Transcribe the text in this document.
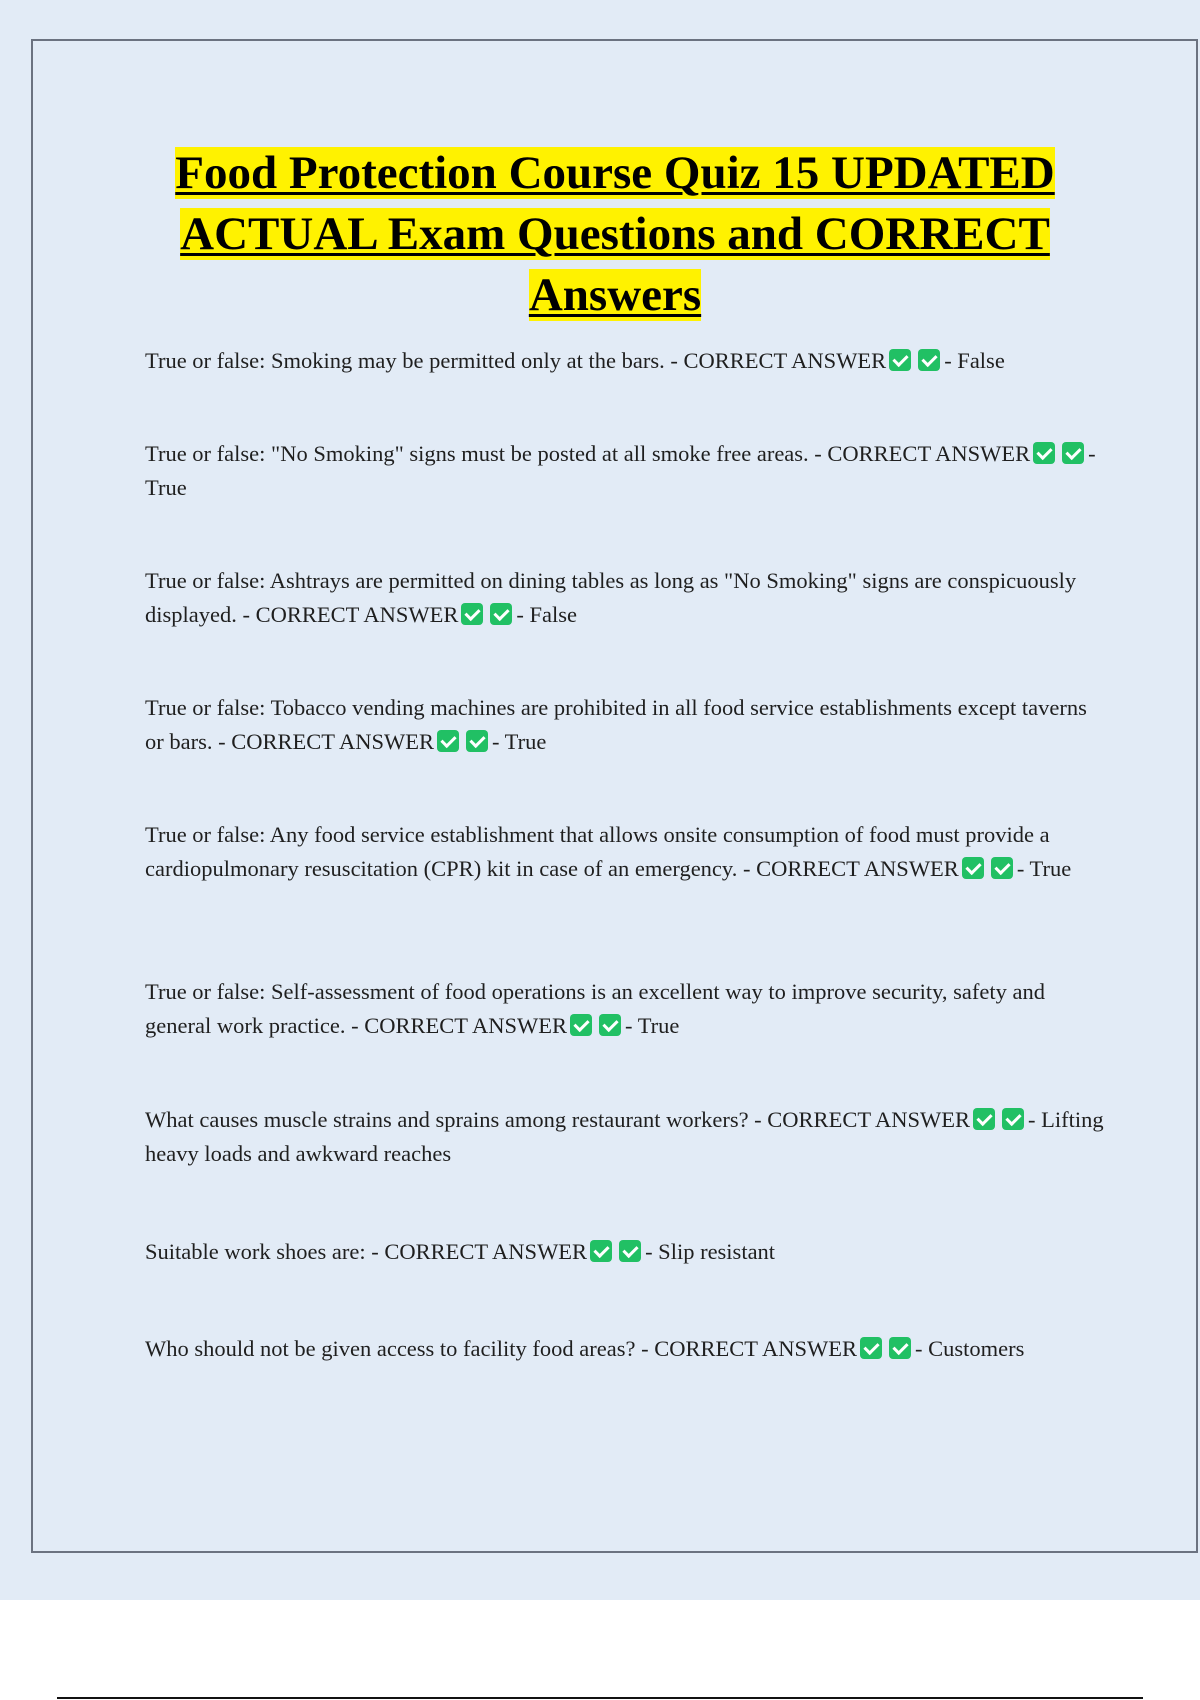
Food Protection Course Quiz 15 UPDATED ACTUAL Exam Questions and CORRECT Answers

True or false: Smoking may be permitted only at the bars. - CORRECT ANSWER	- False

True or false: "No Smoking" signs must be posted at all smoke free areas. - CORRECT ANSWER	- True

True or false: Ashtrays are permitted on dining tables as long as "No Smoking" signs are conspicuously displayed. - CORRECT ANSWER	- False

True or false: Tobacco vending machines are prohibited in all food service establishments except taverns or bars. - CORRECT ANSWER	- True

True or false: Any food service establishment that allows onsite consumption of food must provide a cardiopulmonary resuscitation (CPR) kit in case of an emergency. - CORRECT ANSWER	- True

True or false: Self-assessment of food operations is an excellent way to improve security, safety and general work practice. - CORRECT ANSWER	- True

What causes muscle strains and sprains among restaurant workers? - CORRECT ANSWER	- Lifting heavy loads and awkward reaches

Suitable work shoes are: - CORRECT ANSWER	- Slip resistant

Who should not be given access to facility food areas? - CORRECT ANSWER	- Customers
